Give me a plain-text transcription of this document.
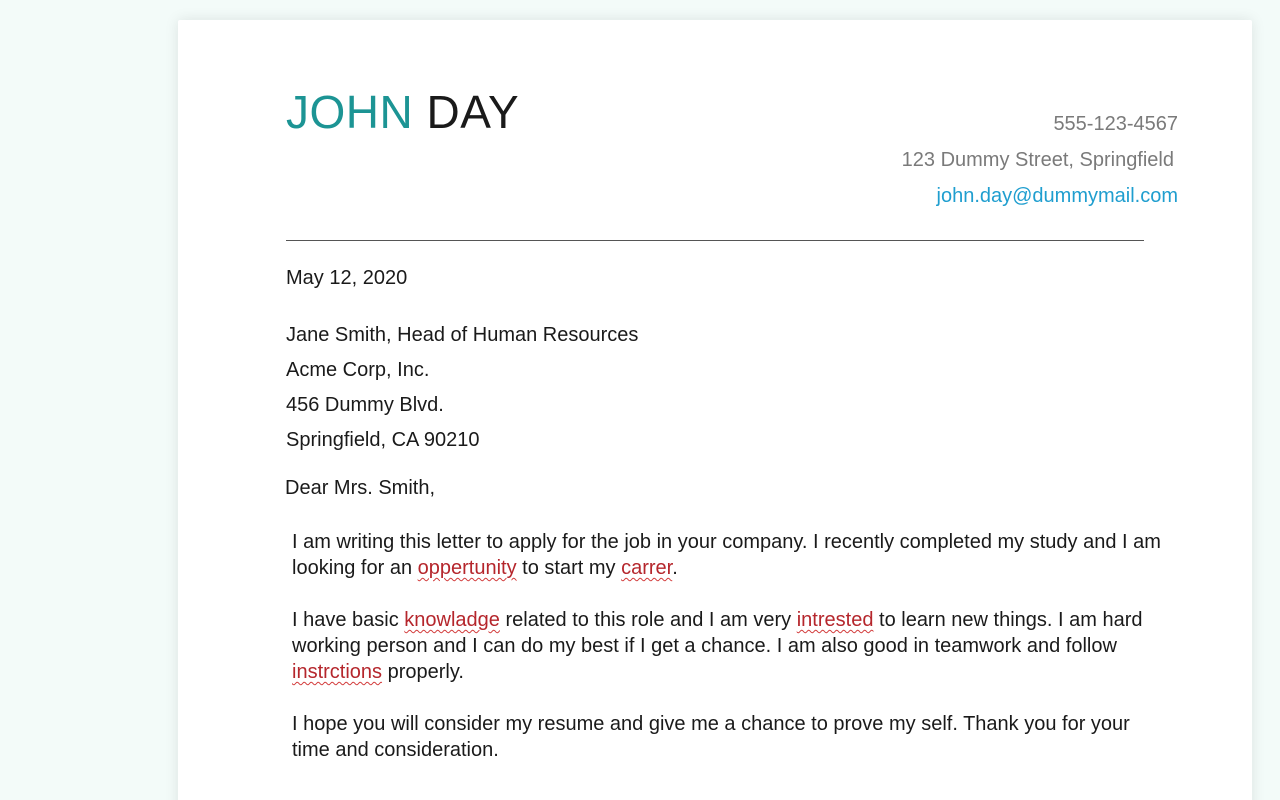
JOHN DAY	555-123-4567
123 Dummy Street, Springfield
john.day@dummymail.com
May 12, 2020
Jane Smith, Head of Human Resources
Acme Corp, Inc.
456 Dummy Blvd.
Springfield, CA 90210
Dear Mrs. Smith,

I am writing this letter to apply for the job in your company. I recently completed my study and I am looking for an oppertunity to start my carrer.

I have basic knowladge related to this role and I am very intrested to learn new things. I am hard working person and I can do my best if I get a chance. I am also good in teamwork and follow instrctions properly.

I hope you will consider my resume and give me a chance to prove my self. Thank you for your time and consideration.
